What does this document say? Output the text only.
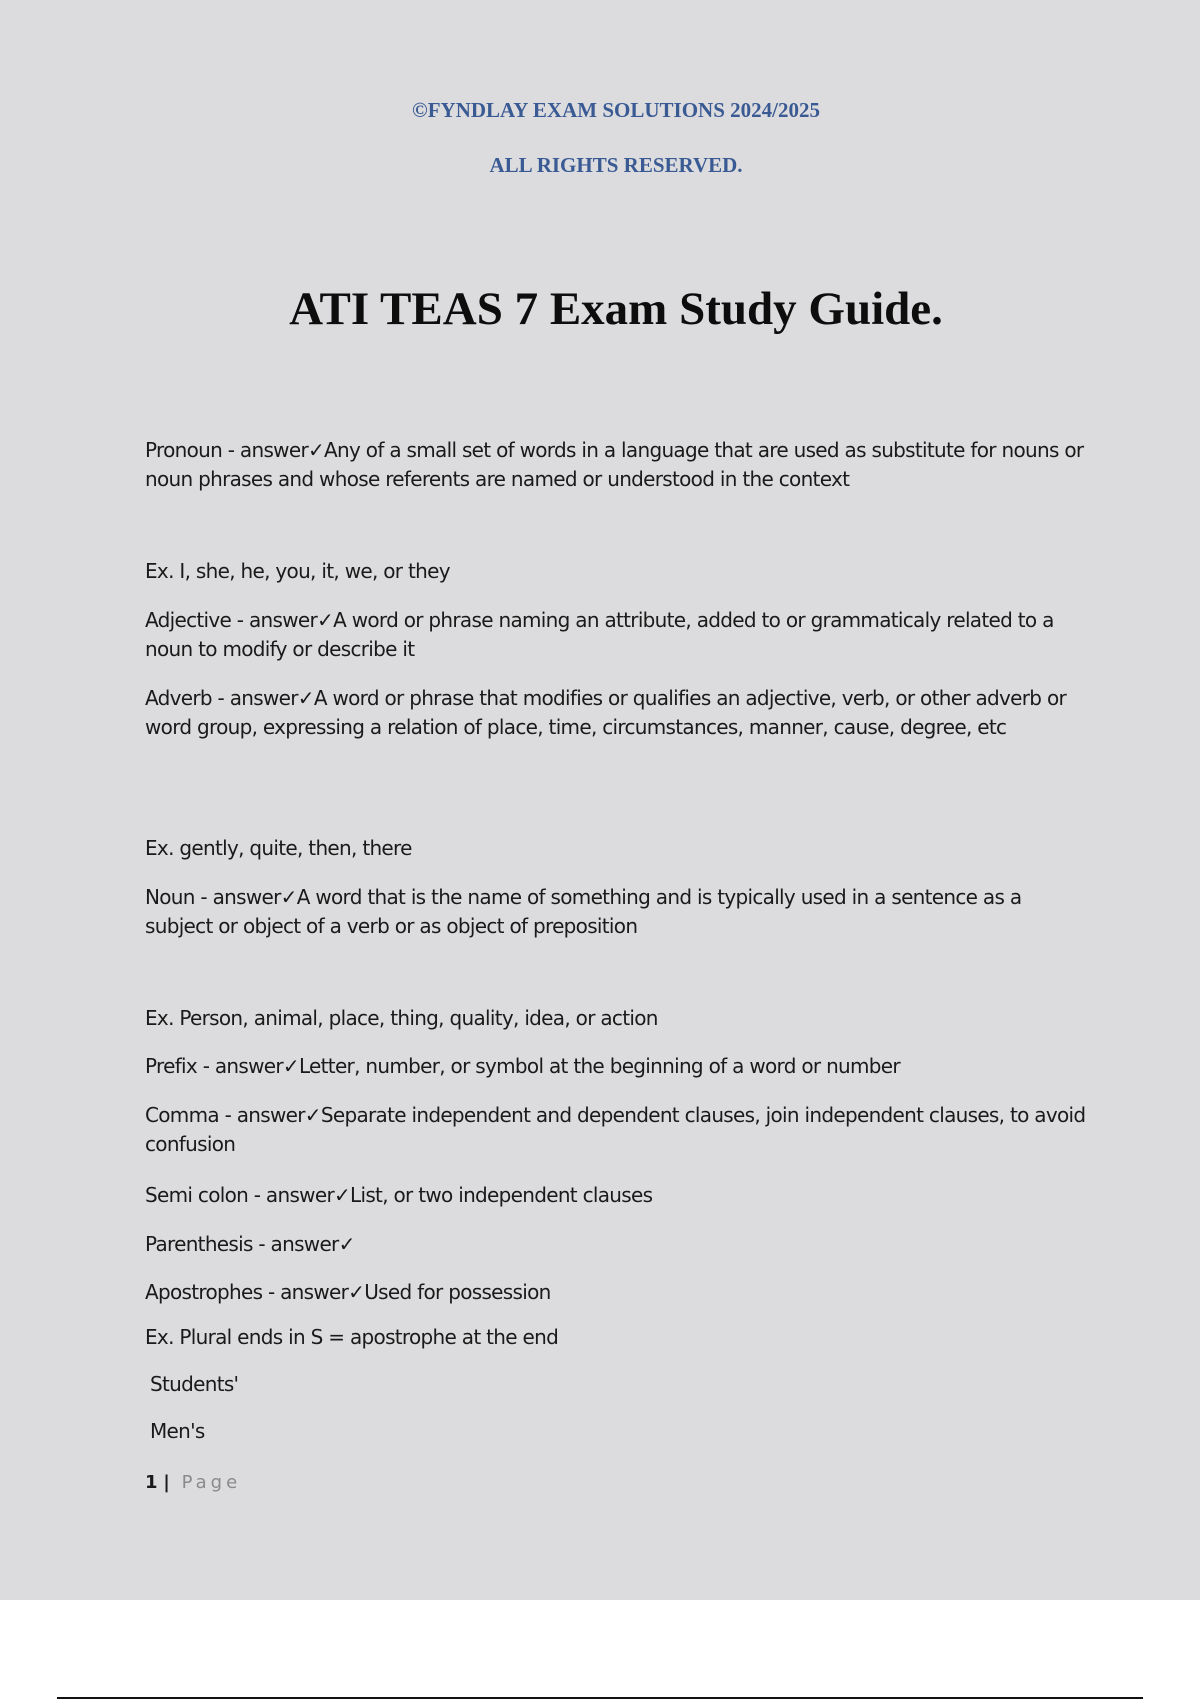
©FYNDLAY EXAM SOLUTIONS 2024/2025
ALL RIGHTS RESERVED.
ATI TEAS 7 Exam Study Guide.
Pronoun - answer✓Any of a small set of words in a language that are used as substitute for nouns or noun phrases and whose referents are named or understood in the context
Ex. I, she, he, you, it, we, or they
Adjective - answer✓A word or phrase naming an attribute, added to or grammaticaly related to a noun to modify or describe it
Adverb - answer✓A word or phrase that modifies or qualifies an adjective, verb, or other adverb or word group, expressing a relation of place, time, circumstances, manner, cause, degree, etc
Ex. gently, quite, then, there
Noun - answer✓A word that is the name of something and is typically used in a sentence as a subject or object of a verb or as object of preposition
Ex. Person, animal, place, thing, quality, idea, or action
Prefix - answer✓Letter, number, or symbol at the beginning of a word or number
Comma - answer✓Separate independent and dependent clauses, join independent clauses, to avoid confusion
Semi colon - answer✓List, or two independent clauses
Parenthesis - answer✓
Apostrophes - answer✓Used for possession
Ex. Plural ends in S = apostrophe at the end
Students'
Men's
1 | Page
